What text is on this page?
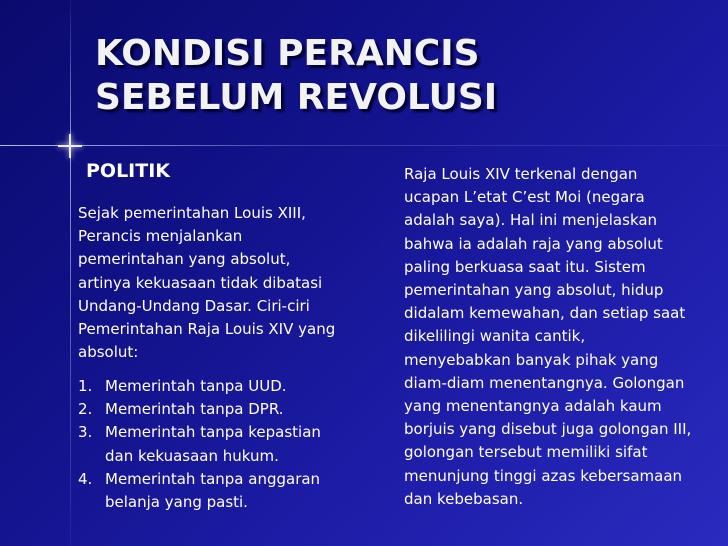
KONDISI PERANCIS
SEBELUM REVOLUSI
POLITIK

Sejak pemerintahan Louis XIII, Perancis menjalankan pemerintahan yang absolut, artinya kekuasaan tidak dibatasi Undang-Undang Dasar. Ciri-ciri Pemerintahan Raja Louis XIV yang absolut:

1. Memerintah tanpa UUD.
2. Memerintah tanpa DPR.
3. Memerintah tanpa kepastian dan kekuasaan hukum.
4. Memerintah tanpa anggaran belanja yang pasti.

Raja Louis XIV terkenal dengan ucapan L’etat C’est Moi (negara adalah saya). Hal ini menjelaskan bahwa ia adalah raja yang absolut paling berkuasa saat itu. Sistem pemerintahan yang absolut, hidup didalam kemewahan, dan setiap saat dikelilingi wanita cantik, menyebabkan banyak pihak yang diam-diam menentangnya. Golongan yang menentangnya adalah kaum borjuis yang disebut juga golongan III, golongan tersebut memiliki sifat menunjung tinggi azas kebersamaan dan kebebasan.
